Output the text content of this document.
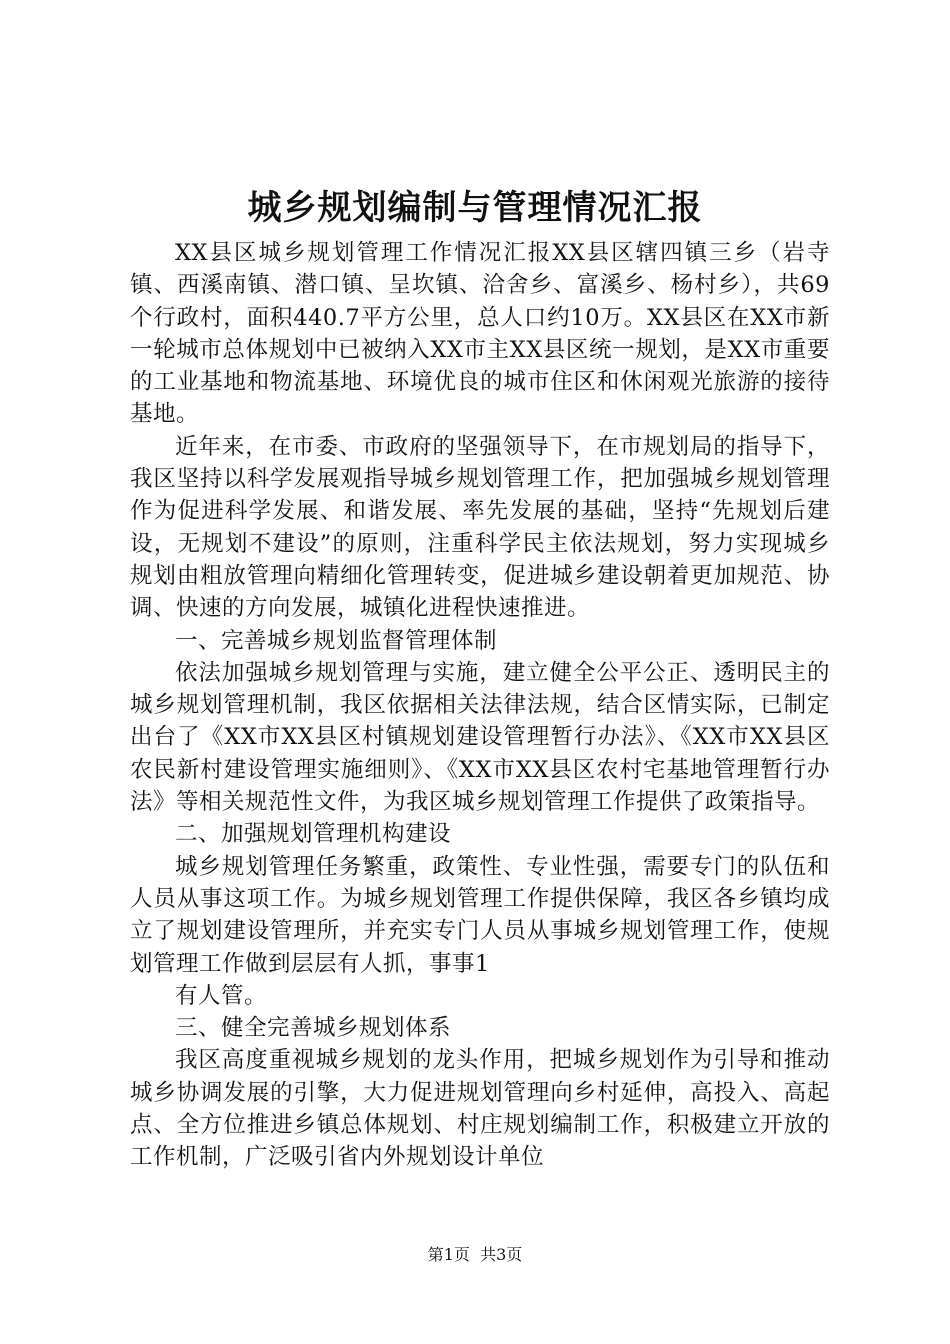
城乡规划编制与管理情况汇报

XX县区城乡规划管理工作情况汇报XX县区辖四镇三乡（岩寺镇、西溪南镇、潜口镇、呈坎镇、洽舍乡、富溪乡、杨村乡），共69个行政村，面积440.7平方公里，总人口约10万。XX县区在XX市新一轮城市总体规划中已被纳入XX市主XX县区统一规划，是XX市重要的工业基地和物流基地、环境优良的城市住区和休闲观光旅游的接待基地。

近年来，在市委、市政府的坚强领导下，在市规划局的指导下，我区坚持以科学发展观指导城乡规划管理工作，把加强城乡规划管理作为促进科学发展、和谐发展、率先发展的基础，坚持“先规划后建设，无规划不建设”的原则，注重科学民主依法规划，努力实现城乡规划由粗放管理向精细化管理转变，促进城乡建设朝着更加规范、协调、快速的方向发展，城镇化进程快速推进。

一、完善城乡规划监督管理体制

依法加强城乡规划管理与实施，建立健全公平公正、透明民主的城乡规划管理机制，我区依据相关法律法规，结合区情实际，已制定出台了《XX市XX县区村镇规划建设管理暂行办法》、《XX市XX县区农民新村建设管理实施细则》、《XX市XX县区农村宅基地管理暂行办法》等相关规范性文件，为我区城乡规划管理工作提供了政策指导。

二、加强规划管理机构建设

城乡规划管理任务繁重，政策性、专业性强，需要专门的队伍和人员从事这项工作。为城乡规划管理工作提供保障，我区各乡镇均成立了规划建设管理所，并充实专门人员从事城乡规划管理工作，使规划管理工作做到层层有人抓，事事1

有人管。

三、健全完善城乡规划体系

我区高度重视城乡规划的龙头作用，把城乡规划作为引导和推动城乡协调发展的引擎，大力促进规划管理向乡村延伸，高投入、高起点、全方位推进乡镇总体规划、村庄规划编制工作，积极建立开放的工作机制，广泛吸引省内外规划设计单位

第1页 共3页
